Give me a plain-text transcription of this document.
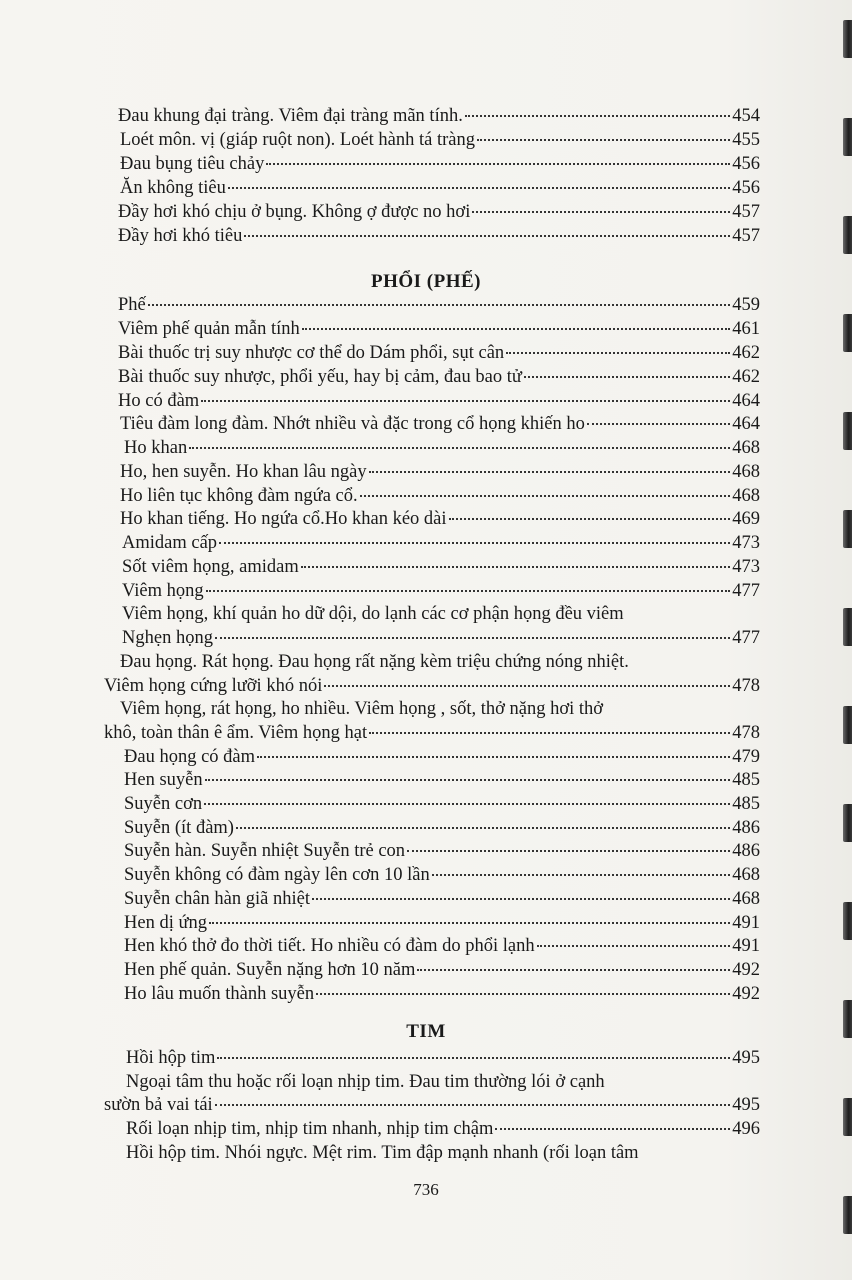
Đau khung đại tràng. Viêm đại tràng mãn tính.	454
Loét môn. vị (giáp ruột non). Loét hành tá tràng	455
Đau bụng tiêu chảy	456
Ăn không tiêu	456
Đầy hơi khó chịu ở bụng. Không ợ được no hơi	457
Đầy hơi khó tiêu	457
PHỔI (PHẾ)
Phế	459
Viêm phế quản mẫn tính	461
Bài thuốc trị suy nhược cơ thể do Dám phổi, sụt cân	462
Bài thuốc suy nhược, phổi yếu, hay bị cảm, đau bao tử	462
Ho có đàm	464
Tiêu đàm long đàm. Nhớt nhiều và đặc trong cổ họng khiến ho	464
Ho khan	468
Ho, hen suyễn. Ho khan lâu ngày	468
Ho liên tục không đàm ngứa cổ.	468
Ho khan tiếng. Ho ngứa cổ.Ho khan kéo dài	469
Amidam cấp	473
Sốt viêm họng, amidam	473
Viêm họng	477
Viêm họng, khí quản ho dữ dội, do lạnh các cơ phận họng đều viêm
Nghẹn họng	477
Đau họng. Rát họng. Đau họng rất nặng kèm triệu chứng nóng nhiệt.
Viêm họng cứng lưỡi khó nói	478
Viêm họng, rát họng, ho nhiều. Viêm họng , sốt, thở nặng hơi thở
khô, toàn thân ê ẩm. Viêm họng hạt	478
Đau họng có đàm	479
Hen suyễn	485
Suyễn cơn	485
Suyễn (ít đàm)	486
Suyễn hàn. Suyễn nhiệt Suyễn trẻ con	486
Suyễn không có đàm ngày lên cơn 10 lần	468
Suyễn chân hàn giã nhiệt	468
Hen dị ứng	491
Hen khó thở đo thời tiết. Ho nhiều có đàm do phổi lạnh	491
Hen phế quản. Suyễn nặng hơn 10 năm	492
Ho lâu muốn thành suyễn	492
TIM
Hồi hộp tim	495
Ngoại tâm thu hoặc rối loạn nhịp tim. Đau tim thường lói ở cạnh
sườn bả vai tái	495
Rối loạn nhịp tim, nhịp tim nhanh, nhịp tim chậm	496
Hồi hộp tim. Nhói ngực. Mệt rim. Tim đập mạnh nhanh (rối loạn tâm
736
